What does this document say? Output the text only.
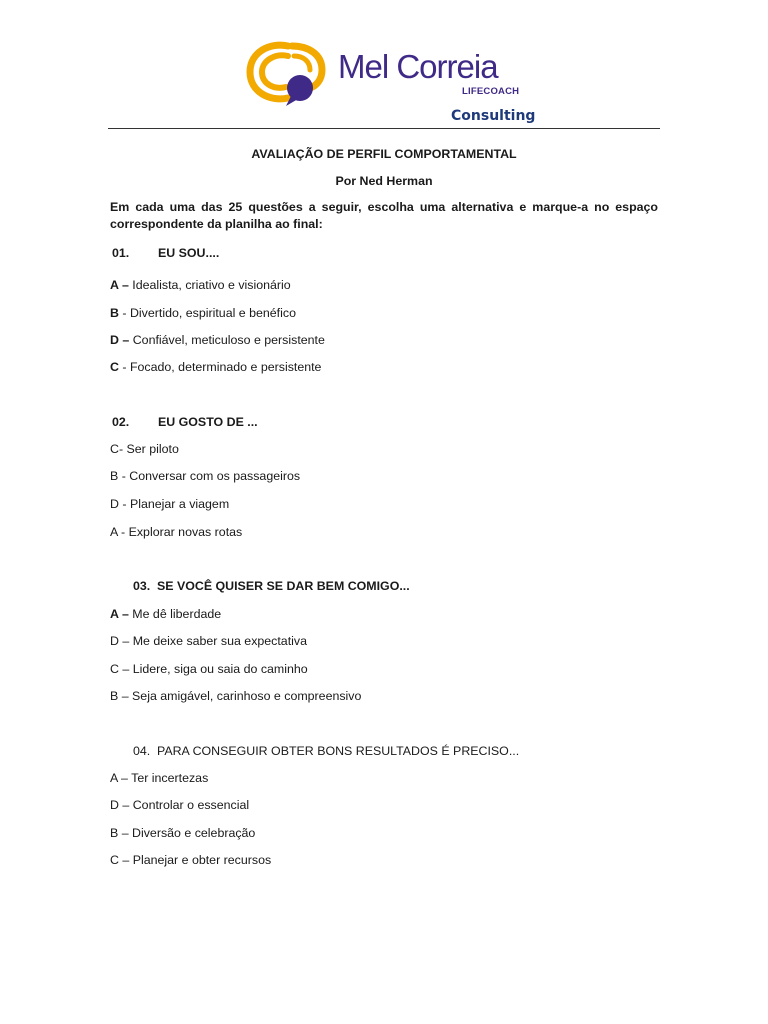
Mel Correia
LIFECOACH
Consulting
AVALIAÇÃO DE PERFIL COMPORTAMENTAL
Por Ned Herman
Em cada uma das 25 questões a seguir, escolha uma alternativa e marque-a no espaço correspondente da planilha ao final:
01. EU SOU....
A – Idealista, criativo e visionário
B - Divertido, espiritual e benéfico
D – Confiável, meticuloso e persistente
C - Focado, determinado e persistente
02. EU GOSTO DE ...
C- Ser piloto
B - Conversar com os passageiros
D - Planejar a viagem
A - Explorar novas rotas
03. SE VOCÊ QUISER SE DAR BEM COMIGO...
A – Me dê liberdade
D – Me deixe saber sua expectativa
C – Lidere, siga ou saia do caminho
B – Seja amigável, carinhoso e compreensivo
04. PARA CONSEGUIR OBTER BONS RESULTADOS É PRECISO...
A – Ter incertezas
D – Controlar o essencial
B – Diversão e celebração
C – Planejar e obter recursos
